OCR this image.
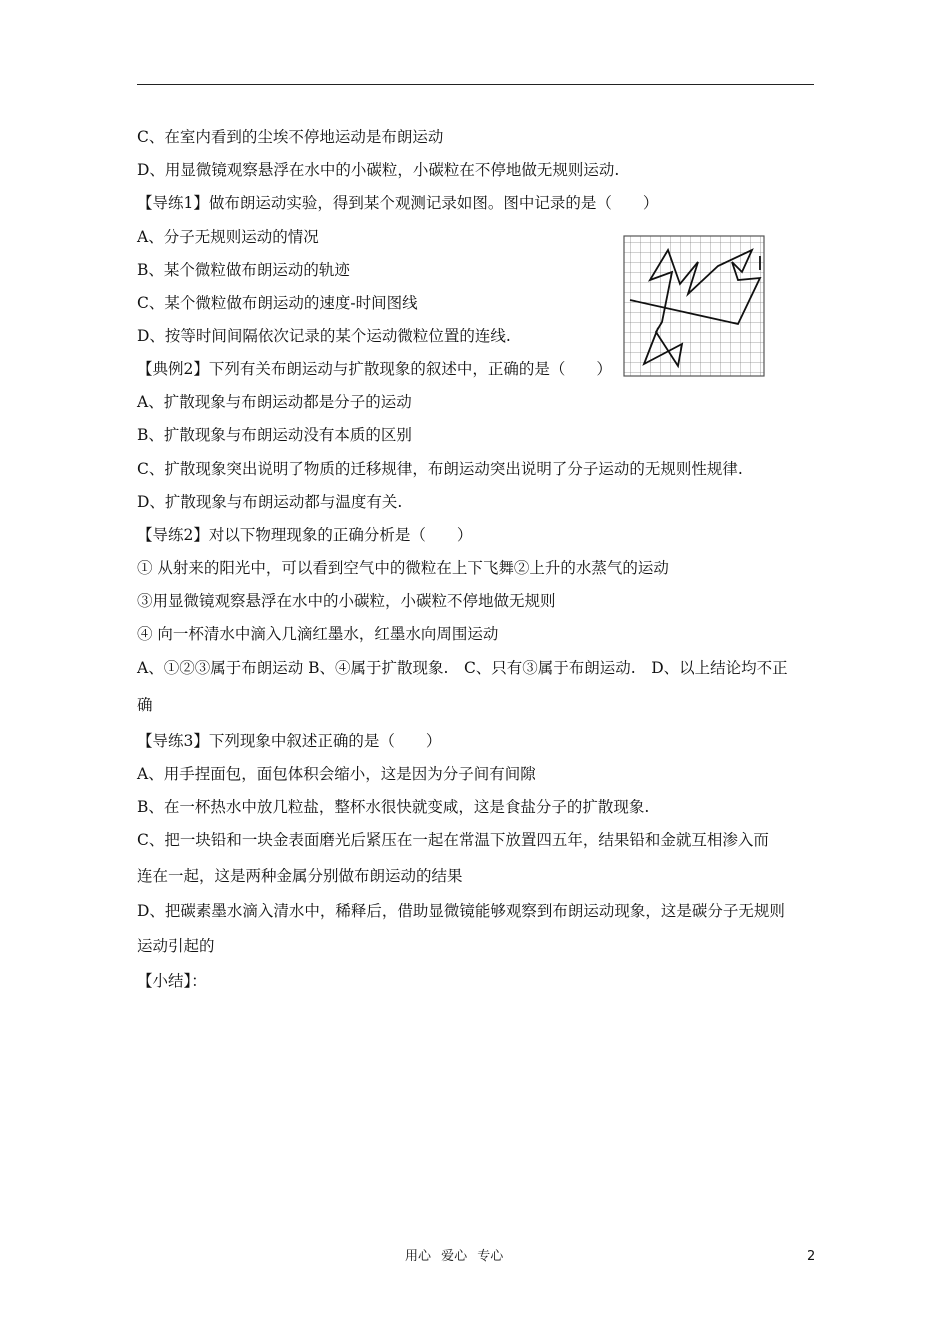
C、在室内看到的尘埃不停地运动是布朗运动
D、用显微镜观察悬浮在水中的小碳粒，小碳粒在不停地做无规则运动.
【导练1】做布朗运动实验，得到某个观测记录如图。图中记录的是（　　）
A、分子无规则运动的情况
B、某个微粒做布朗运动的轨迹
C、某个微粒做布朗运动的速度-时间图线
D、按等时间间隔依次记录的某个运动微粒位置的连线.
【典例2】下列有关布朗运动与扩散现象的叙述中，正确的是（　　）
A、扩散现象与布朗运动都是分子的运动
B、扩散现象与布朗运动没有本质的区别
C、扩散现象突出说明了物质的迁移规律，布朗运动突出说明了分子运动的无规则性规律.
D、扩散现象与布朗运动都与温度有关.
【导练2】对以下物理现象的正确分析是（　　）
① 从射来的阳光中，可以看到空气中的微粒在上下飞舞②上升的水蒸气的运动
③用显微镜观察悬浮在水中的小碳粒，小碳粒不停地做无规则
④ 向一杯清水中滴入几滴红墨水，红墨水向周围运动
A、①②③属于布朗运动 B、④属于扩散现象.　C、只有③属于布朗运动.　D、以上结论均不正
确
【导练3】下列现象中叙述正确的是（　　）
A、用手捏面包，面包体积会缩小，这是因为分子间有间隙
B、在一杯热水中放几粒盐，整杯水很快就变咸，这是食盐分子的扩散现象.
C、把一块铅和一块金表面磨光后紧压在一起在常温下放置四五年，结果铅和金就互相渗入而
连在一起，这是两种金属分别做布朗运动的结果
D、把碳素墨水滴入清水中，稀释后，借助显微镜能够观察到布朗运动现象，这是碳分子无规则
运动引起的
【小结】：
用心 爱心 专心	2
